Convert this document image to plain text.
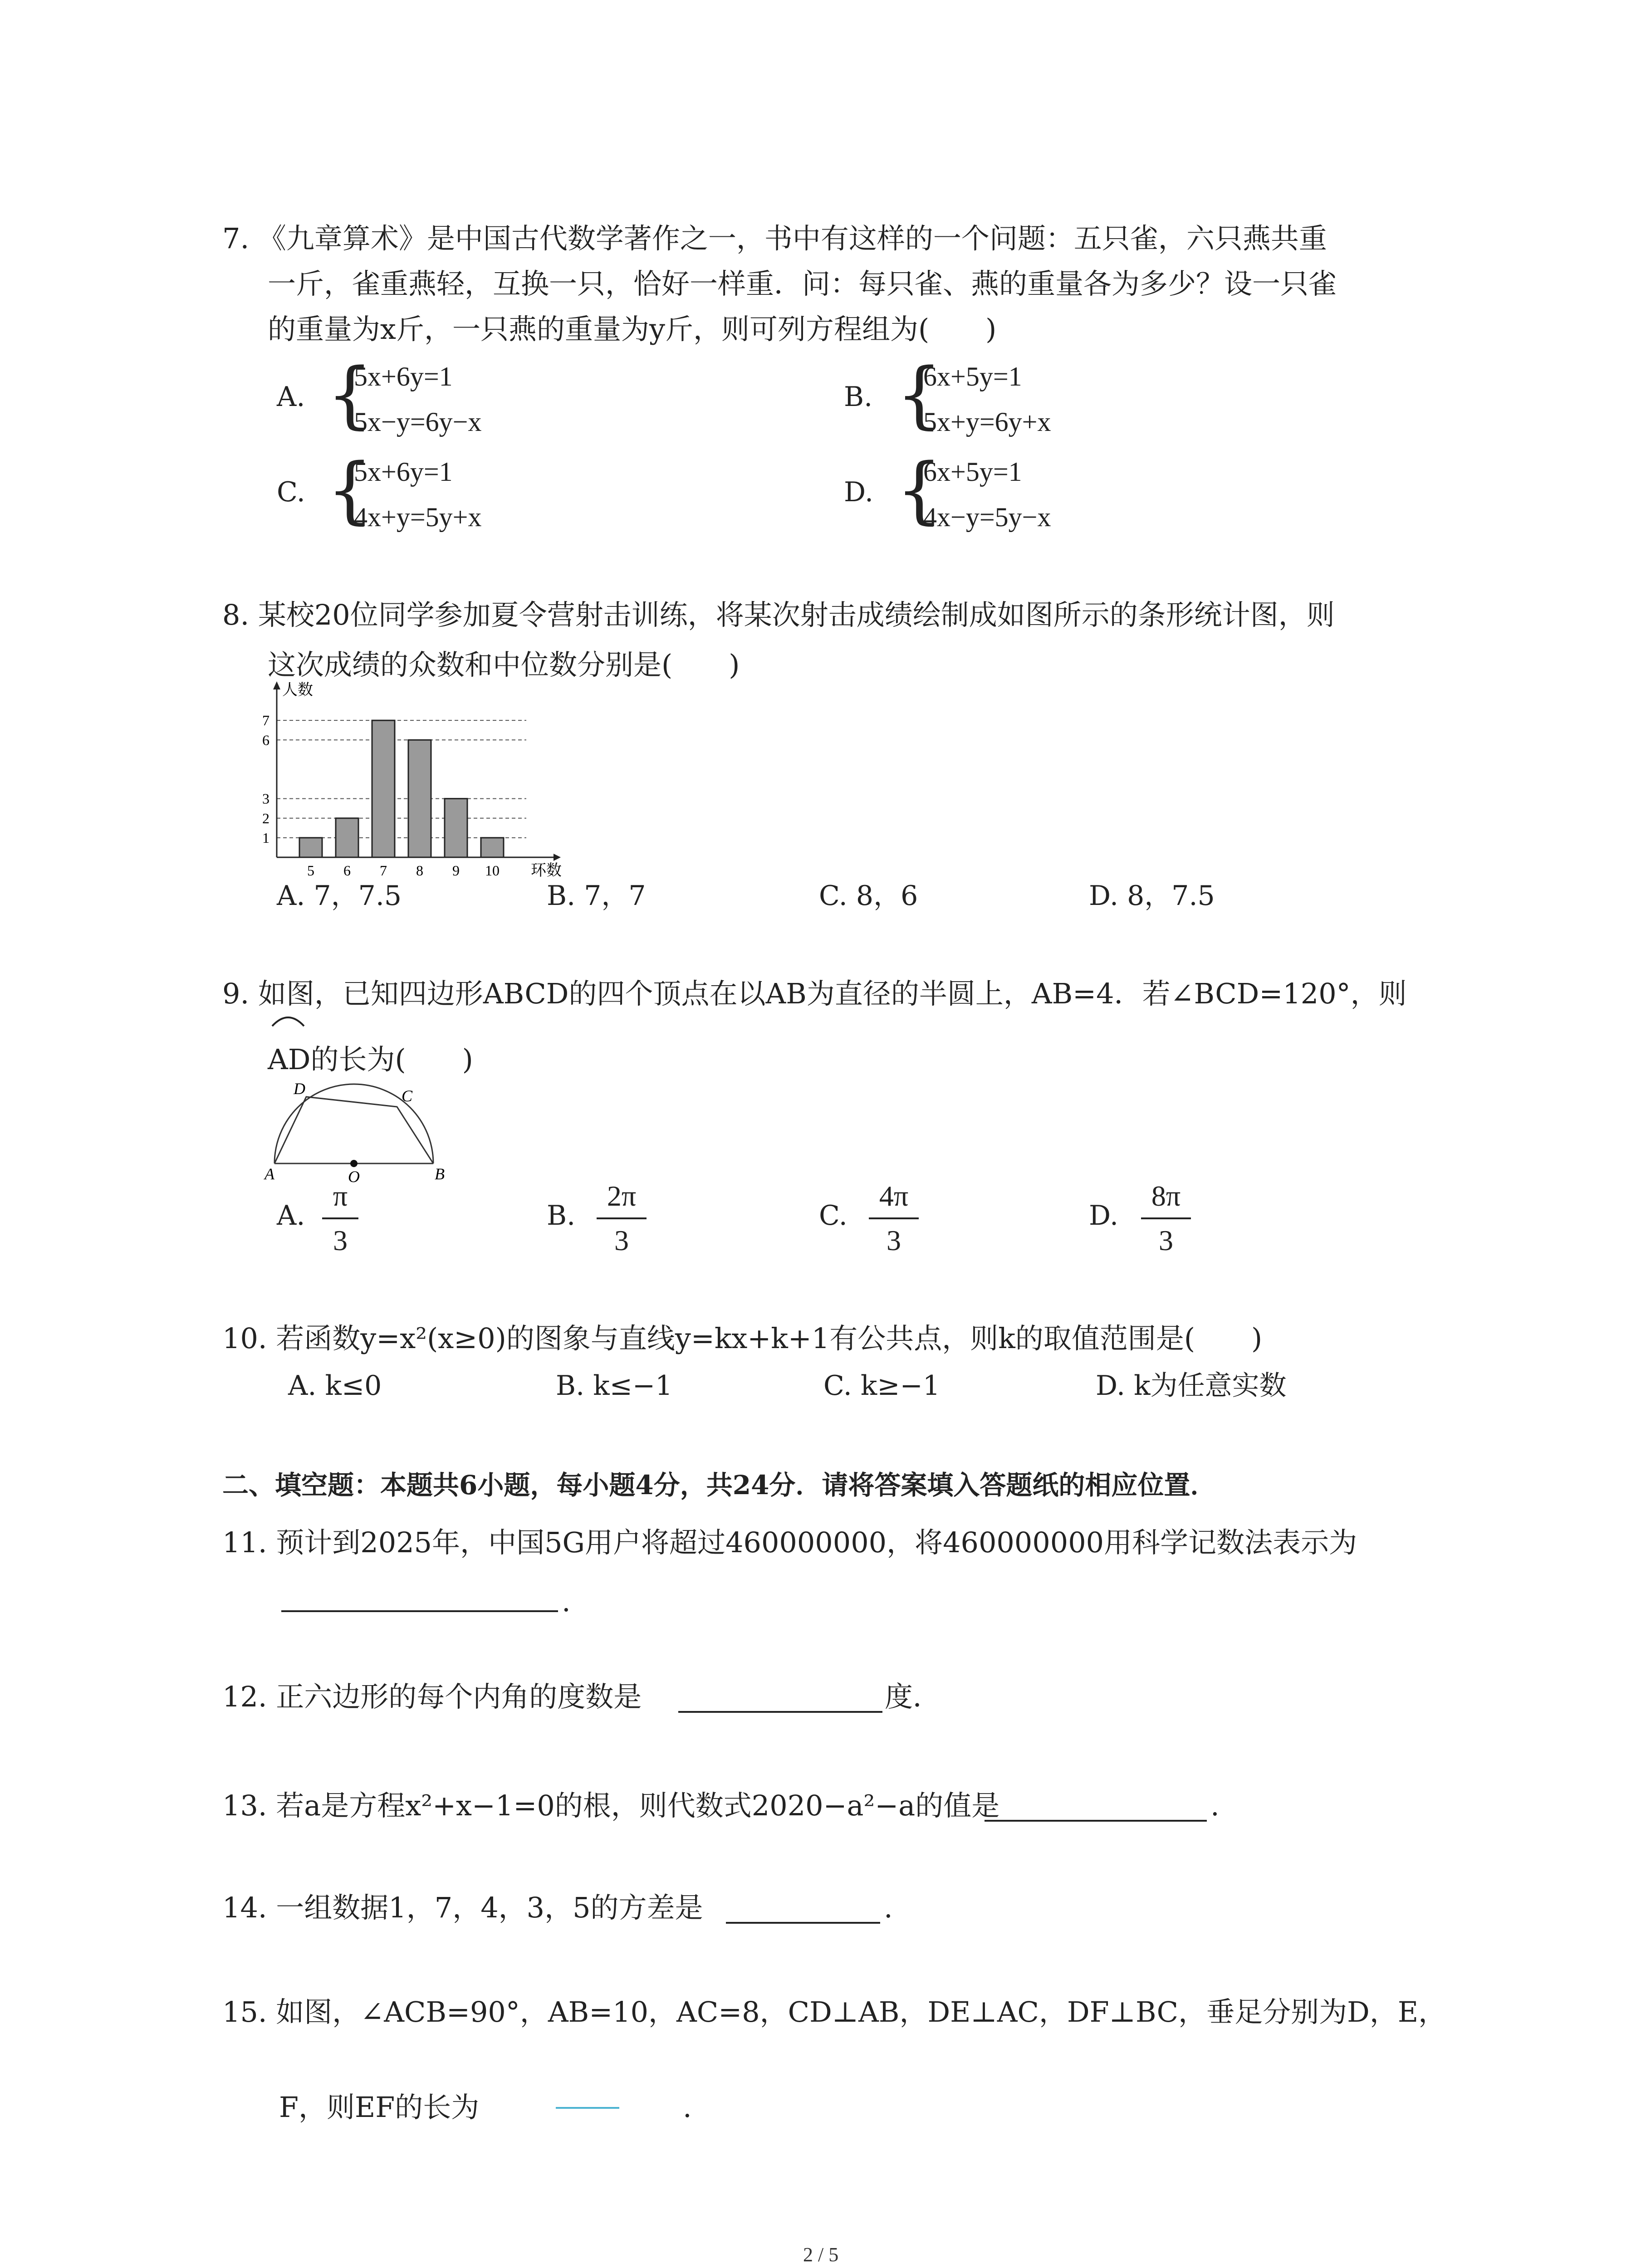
7. 《九章算术》是中国古代数学著作之一，书中有这样的一个问题：五只雀，六只燕共重
一斤，雀重燕轻，互换一只，恰好一样重．问：每只雀、燕的重量各为多少？设一只雀
的重量为x斤，一只燕的重量为y斤，则可列方程组为(　　)
A. {
5x+6y=1
5x−y=6y−x
B. {
6x+5y=1
5x+y=6y+x
C. {
5x+6y=1
4x+y=5y+x
D. {
6x+5y=1
4x−y=5y−x
8. 某校20位同学参加夏令营射击训练，将某次射击成绩绘制成如图所示的条形统计图，则
这次成绩的众数和中位数分别是(　　)
人数
环数
1
2
3
6
7
5 6 7 8 9 10
A. 7，7.5	B. 7，7	C. 8，6	D. 8，7.5
9. 如图，已知四边形ABCD的四个顶点在以AB为直径的半圆上，AB=4．若∠BCD=120°，则
AD的长为(　　)
A	B
C
D
O
A.
π
3
B.
2π
3
C.
4π
3
D.
8π
3
10. 若函数y=x²(x≥0)的图象与直线y=kx+k+1有公共点，则k的取值范围是(　　)
A. k≤0	B. k≤−1	C. k≥−1	D. k为任意实数
二、填空题：本题共6小题，每小题4分，共24分．请将答案填入答题纸的相应位置．
11. 预计到2025年，中国5G用户将超过460000000，将460000000用科学记数法表示为
.
12. 正六边形的每个内角的度数是	度．
13. 若a是方程x²+x−1=0的根，则代数式2020−a²−a的值是	.
14. 一组数据1，7，4，3，5的方差是	.
15. 如图，∠ACB=90°，AB=10，AC=8，CD⊥AB，DE⊥AC，DF⊥BC，垂足分别为D，E，
F，则EF的长为	.
2 / 5
